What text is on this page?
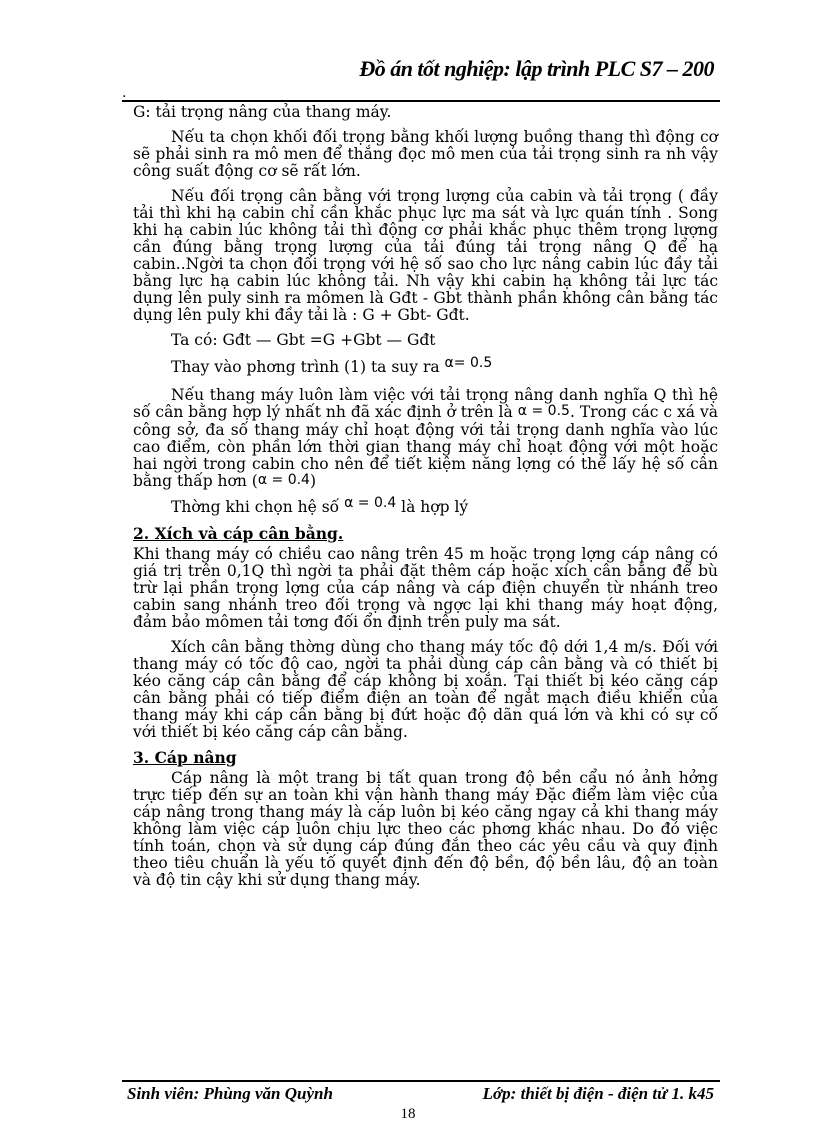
Đồ án tốt nghiệp: lập trình PLC S7 – 200
.

G: tải trọng nâng của thang máy.

Nếu ta chọn khối đối trọng bằng khối lượng buồng thang thì động cơ sẽ phải sinh ra mô men để thắng đọc mô men của tải trọng sinh ra nh vậy công suất động cơ sẽ rất lớn.

Nếu đối trọng cân bằng với trọng lượng của cabin và tải trọng ( đầy tải thì khi hạ cabin chỉ cần khắc phục lực ma sát và lực quán tính . Song khi hạ cabin lúc không tải thì động cơ phải khắc phục thêm trọng lượng cần đúng bằng trọng lượng của tải đúng tải trọng nâng Q để hạ cabin..Ngời ta chọn đối trọng với hệ số sao cho lực nâng cabin lúc đầy tải bằng lực hạ cabin lúc không tải. Nh vậy khi cabin hạ không tải lực tác dụng lên puly sinh ra mômen là Gđt - Gbt thành phần không cân bằng tác dụng lên puly khi đầy tải là : G + Gbt- Gđt.

Ta có: Gđt — Gbt =G +Gbt — Gđt

Thay vào phơng trình (1) ta suy ra α= 0.5

Nếu thang máy luôn làm việc với tải trọng nâng danh nghĩa Q thì hệ số cân bằng hợp lý nhất nh đã xác định ở trên là α = 0.5. Trong các c xá và công sở, đa số thang máy chỉ hoạt động với tải trọng danh nghĩa vào lúc cao điểm, còn phần lớn thời gian thang máy chỉ hoạt động với một hoặc hai ngời trong cabin cho nên để tiết kiệm năng lợng có thể lấy hệ số cân bằng thấp hơn (α = 0.4)

Thờng khi chọn hệ số α = 0.4 là hợp lý

2. Xích và cáp cân bằng.

Khi thang máy có chiều cao nâng trên 45 m hoặc trọng lợng cáp nâng có giá trị trên 0,1Q thì ngời ta phải đặt thêm cáp hoặc xích cân bằng để bù trừ lại phần trọng lợng của cáp nâng và cáp điện chuyển từ nhánh treo cabin sang nhánh treo đối trọng và ngợc lại khi thang máy hoạt động, đảm bảo mômen tải tơng đối ổn định trên puly ma sát.

Xích cân bằng thờng dùng cho thang máy tốc độ dới 1,4 m/s. Đối với thang máy có tốc độ cao, ngời ta phải dùng cáp cân bằng và có thiết bị kéo căng cáp cân bằng để cáp không bị xoắn. Tại thiết bị kéo căng cáp cân bằng phải có tiếp điểm điện an toàn để ngắt mạch điều khiển của thang máy khi cáp cân bằng bị đứt hoặc độ dãn quá lớn và khi có sự cố với thiết bị kéo căng cáp cân bằng.

3. Cáp nâng

Cáp nâng là một trang bị tất quan trong độ bền cẩu nó ảnh hởng trực tiếp đến sự an toàn khi vận hành thang máy Đặc điểm làm việc của cáp nâng trong thang máy là cáp luôn bị kéo căng ngay cả khi thang máy không làm việc cáp luôn chịu lực theo các phơng khác nhau. Do đó việc tính toán, chọn và sử dụng cáp đúng đắn theo các yêu cầu và quy định theo tiêu chuẩn là yếu tố quyết định đến độ bền, độ bền lâu, độ an toàn và độ tin cậy khi sử dụng thang máy.

Sinh viên: Phùng văn Quỳnh	Lớp: thiết bị điện - điện tử 1. k45
18
